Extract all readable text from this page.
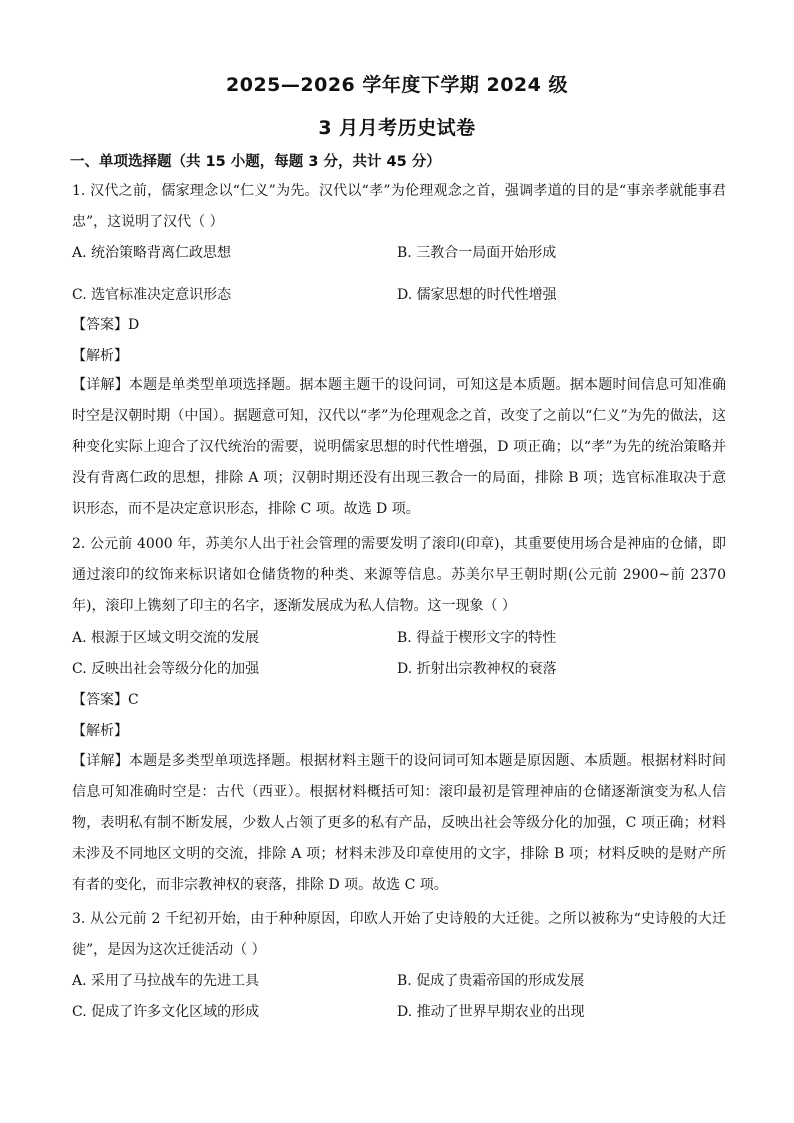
2025—2026 学年度下学期 2024 级
3 月月考历史试卷
一、单项选择题（共 15 小题，每题 3 分，共计 45 分）
1. 汉代之前，儒家理念以“仁义”为先。汉代以“孝”为伦理观念之首，强调孝道的目的是“事亲孝就能事君忠”，这说明了汉代（ ）
A. 统治策略背离仁政思想	B. 三教合一局面开始形成
C. 选官标准决定意识形态	D. 儒家思想的时代性增强
【答案】D
【解析】
【详解】本题是单类型单项选择题。据本题主题干的设问词，可知这是本质题。据本题时间信息可知准确时空是汉朝时期（中国）。据题意可知，汉代以“孝”为伦理观念之首，改变了之前以“仁义”为先的做法，这种变化实际上迎合了汉代统治的需要，说明儒家思想的时代性增强，D 项正确；以“孝”为先的统治策略并没有背离仁政的思想，排除 A 项；汉朝时期还没有出现三教合一的局面，排除 B 项；选官标准取决于意识形态，而不是决定意识形态，排除 C 项。故选 D 项。
2. 公元前 4000 年，苏美尔人出于社会管理的需要发明了滚印(印章)，其重要使用场合是神庙的仓储，即通过滚印的纹饰来标识诸如仓储货物的种类、来源等信息。苏美尔早王朝时期(公元前 2900~前 2370 年)，滚印上镌刻了印主的名字，逐渐发展成为私人信物。这一现象（ ）
A. 根源于区域文明交流的发展	B. 得益于楔形文字的特性
C. 反映出社会等级分化的加强	D. 折射出宗教神权的衰落
【答案】C
【解析】
【详解】本题是多类型单项选择题。根据材料主题干的设问词可知本题是原因题、本质题。根据材料时间信息可知准确时空是：古代（西亚）。根据材料概括可知：滚印最初是管理神庙的仓储逐渐演变为私人信物，表明私有制不断发展，少数人占领了更多的私有产品，反映出社会等级分化的加强，C 项正确；材料未涉及不同地区文明的交流，排除 A 项；材料未涉及印章使用的文字，排除 B 项；材料反映的是财产所有者的变化，而非宗教神权的衰落，排除 D 项。故选 C 项。
3. 从公元前 2 千纪初开始，由于种种原因，印欧人开始了史诗般的大迁徙。之所以被称为“史诗般的大迁徙”，是因为这次迁徙活动（ ）
A. 采用了马拉战车的先进工具	B. 促成了贵霜帝国的形成发展
C. 促成了许多文化区域的形成	D. 推动了世界早期农业的出现
